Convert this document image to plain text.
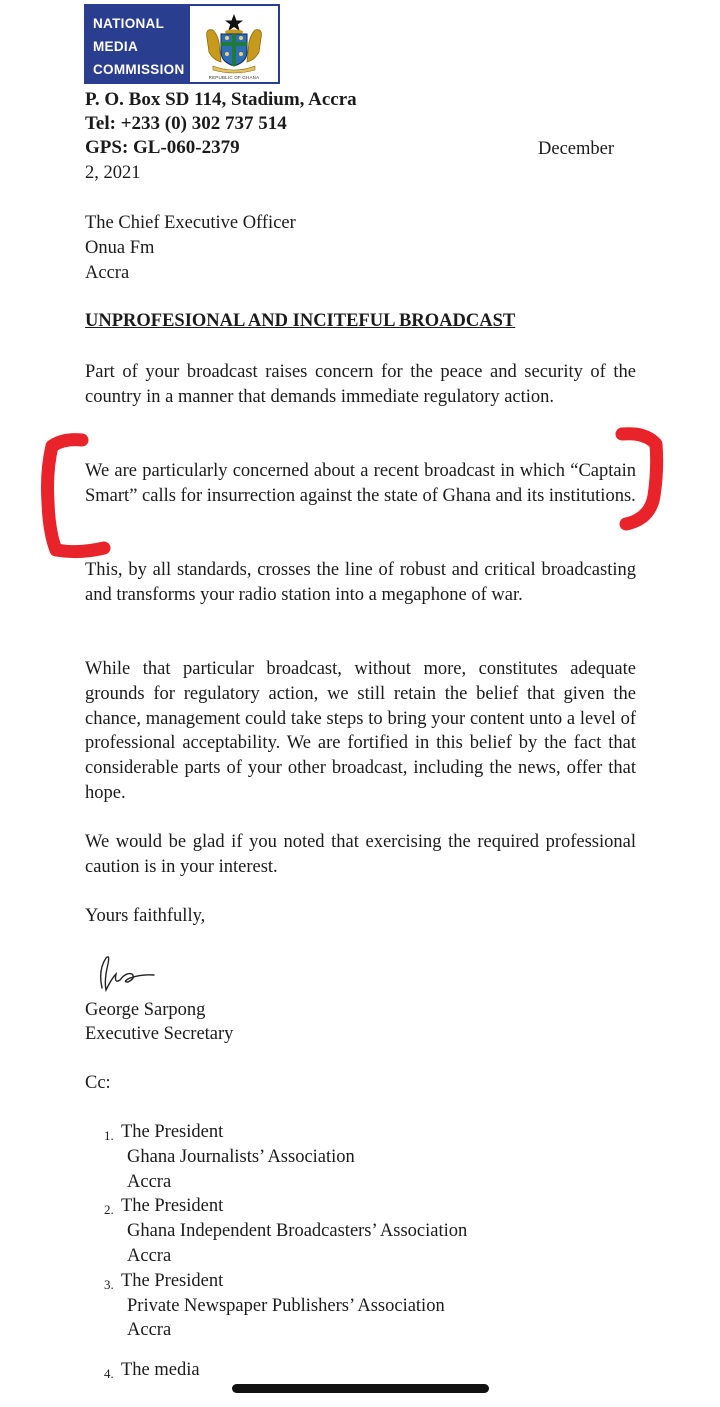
NATIONAL
MEDIA
COMMISSION
REPUBLIC OF GHANA
P. O. Box SD 114, Stadium, Accra
Tel: +233 (0) 302 737 514
GPS: GL-060-2379	December
2, 2021
The Chief Executive Officer
Onua Fm
Accra
UNPROFESIONAL AND INCITEFUL BROADCAST
Part of your broadcast raises concern for the peace and security of the country in a manner that demands immediate regulatory action.
We are particularly concerned about a recent broadcast in which “Captain Smart” calls for insurrection against the state of Ghana and its institutions.
This, by all standards, crosses the line of robust and critical broadcasting and transforms your radio station into a megaphone of war.
While that particular broadcast, without more, constitutes adequate grounds for regulatory action, we still retain the belief that given the chance, management could take steps to bring your content unto a level of professional acceptability. We are fortified in this belief by the fact that considerable parts of your other broadcast, including the news, offer that hope.
We would be glad if you noted that exercising the required professional caution is in your interest.
Yours faithfully,
George Sarpong
Executive Secretary
Cc:
1. The President
Ghana Journalists’ Association
Accra
2. The President
Ghana Independent Broadcasters’ Association
Accra
3. The President
Private Newspaper Publishers’ Association
Accra
4. The media
